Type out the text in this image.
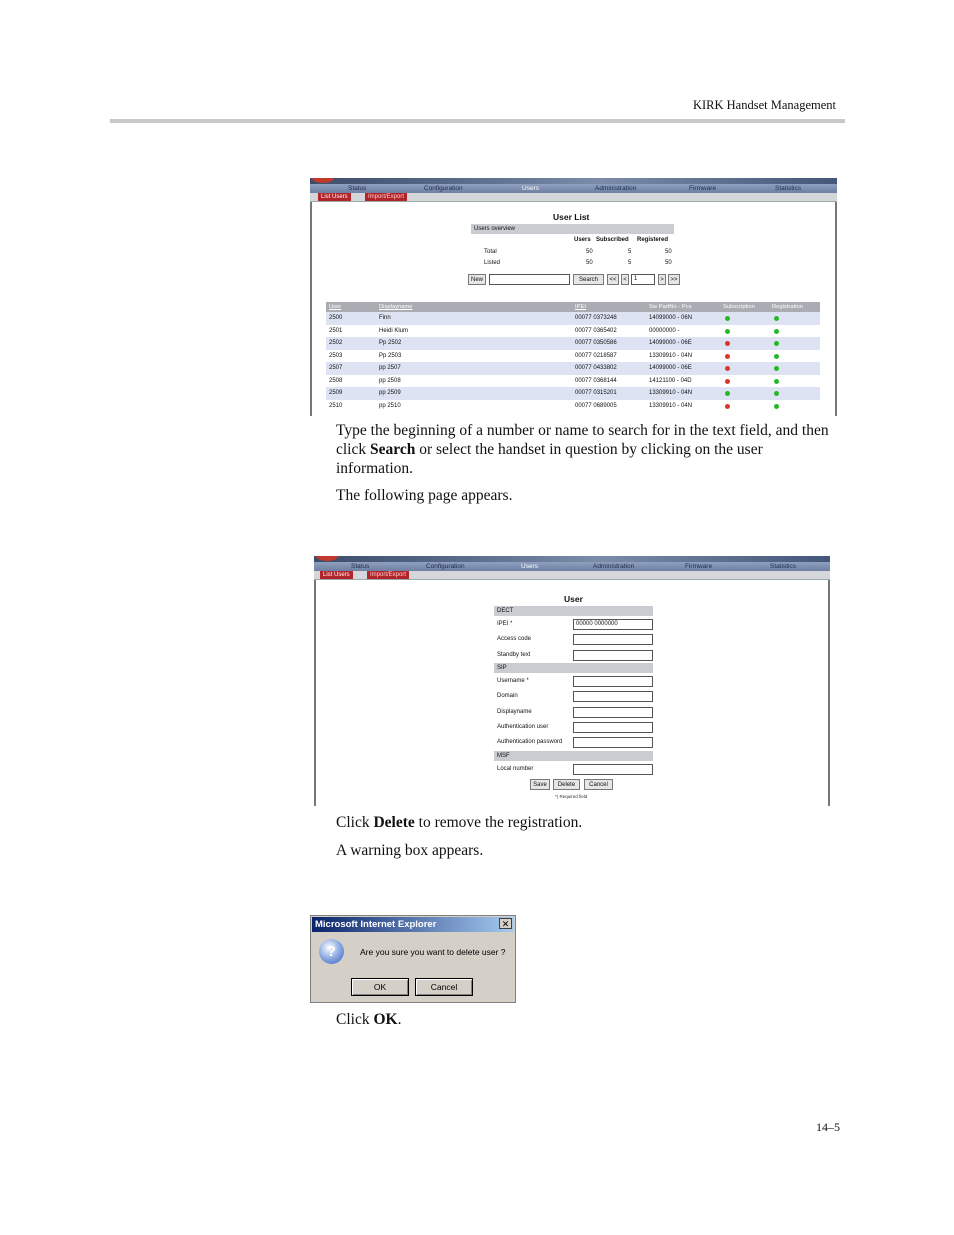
KIRK Handset Management
Status	Configuration	Users	Administration	Firmware	Statistics
List Users	Import/Export
User List
Users overview
Users Subscribed Registered
Total	50	5	50
Listed	50	5	50
New	Search	<<	<	1	>	>>
User	Displayname	IPEI	Sw PartNo - Pcs	Subscription	Registration
2500	Finn	00077 0373248	14099000 - 06N
2501	Heidi Klum	00077 0365402	00000000 -
2502	Pp 2502	00077 0350586	14099000 - 06E
2503	Pp 2503	00077 0218587	13309910 - 04N
2507	pp 2507	00077 0433802	14099000 - 06E
2508	pp 2508	00077 0368144	14121100 - 04D
2509	pp 2509	00077 0315201	13309910 - 04N
2510	pp 2510	00077 0689005	13309910 - 04N
Type the beginning of a number or name to search for in the text field, and then click Search or select the handset in question by clicking on the user information.
The following page appears.
Status	Configuration	Users	Administration	Firmware	Statistics
List Users	Import/Export
User
DECT
IPEI *	00000 0000000
Access code
Standby text
SIP
Username *
Domain
Displayname
Authentication user
Authentication password
MSF
Local number
Save	Delete	Cancel
*) Required field
Click Delete to remove the registration.
A warning box appears.
Microsoft Internet Explorer	✕
?	Are you sure you want to delete user ?
OK	Cancel
Click OK.
14–5
